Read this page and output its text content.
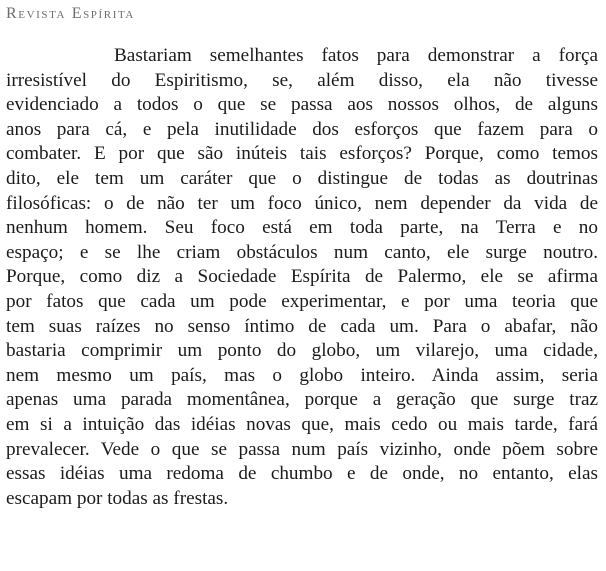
Revista Espírita
Bastariam semelhantes fatos para demonstrar a força
irresistível do Espiritismo, se, além disso, ela não tivesse
evidenciado a todos o que se passa aos nossos olhos, de alguns
anos para cá, e pela inutilidade dos esforços que fazem para o
combater. E por que são inúteis tais esforços? Porque, como temos
dito, ele tem um caráter que o distingue de todas as doutrinas
filosóficas: o de não ter um foco único, nem depender da vida de
nenhum homem. Seu foco está em toda parte, na Terra e no
espaço; e se lhe criam obstáculos num canto, ele surge noutro.
Porque, como diz a Sociedade Espírita de Palermo, ele se afirma
por fatos que cada um pode experimentar, e por uma teoria que
tem suas raízes no senso íntimo de cada um. Para o abafar, não
bastaria comprimir um ponto do globo, um vilarejo, uma cidade,
nem mesmo um país, mas o globo inteiro. Ainda assim, seria
apenas uma parada momentânea, porque a geração que surge traz
em si a intuição das idéias novas que, mais cedo ou mais tarde, fará
prevalecer. Vede o que se passa num país vizinho, onde põem sobre
essas idéias uma redoma de chumbo e de onde, no entanto, elas
escapam por todas as frestas.
